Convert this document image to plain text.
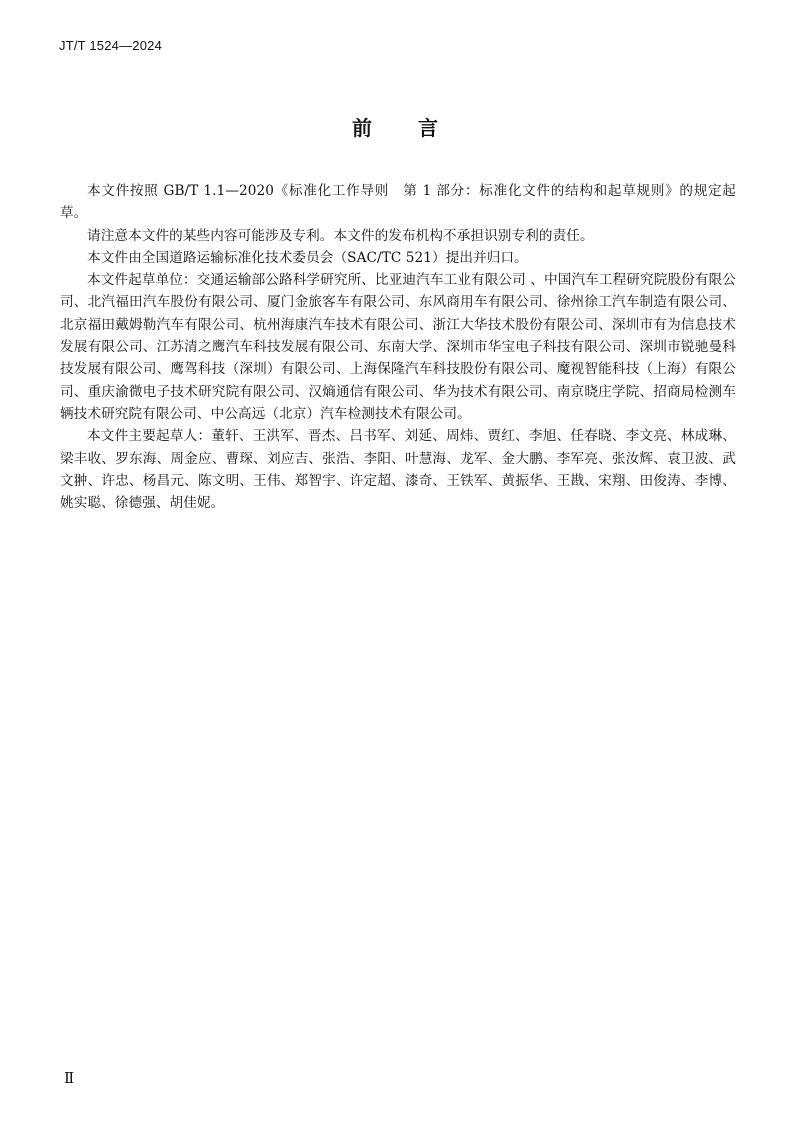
JT/T 1524—2024
前言

本文件按照 GB/T 1.1—2020《标准化工作导则　第 1 部分：标准化文件的结构和起草规则》的规定起草。

请注意本文件的某些内容可能涉及专利。本文件的发布机构不承担识别专利的责任。

本文件由全国道路运输标准化技术委员会（SAC/TC 521）提出并归口。

本文件起草单位：交通运输部公路科学研究所、比亚迪汽车工业有限公司 、中国汽车工程研究院股份有限公司、北汽福田汽车股份有限公司、厦门金旅客车有限公司、东风商用车有限公司、徐州徐工汽车制造有限公司、北京福田戴姆勒汽车有限公司、杭州海康汽车技术有限公司、浙江大华技术股份有限公司、深圳市有为信息技术发展有限公司、江苏清之鹰汽车科技发展有限公司、东南大学、深圳市华宝电子科技有限公司、深圳市锐驰曼科技发展有限公司、鹰驾科技（深圳）有限公司、上海保隆汽车科技股份有限公司、魔视智能科技（上海）有限公司、重庆渝微电子技术研究院有限公司、汉熵通信有限公司、华为技术有限公司、南京晓庄学院、招商局检测车辆技术研究院有限公司、中公高远（北京）汽车检测技术有限公司。

本文件主要起草人：董轩、王洪军、晋杰、吕书军、刘延、周炜、贾红、李旭、任春晓、李文亮、林成琳、梁丰收、罗东海、周金应、曹琛、刘应吉、张浩、李阳、叶慧海、龙军、金大鹏、李军亮、张汝辉、袁卫波、武文翀、许忠、杨昌元、陈文明、王伟、郑智宇、许定超、漆奇、王铁军、黄振华、王戡、宋翔、田俊涛、李博、姚实聪、徐德强、胡佳妮。

Ⅱ
